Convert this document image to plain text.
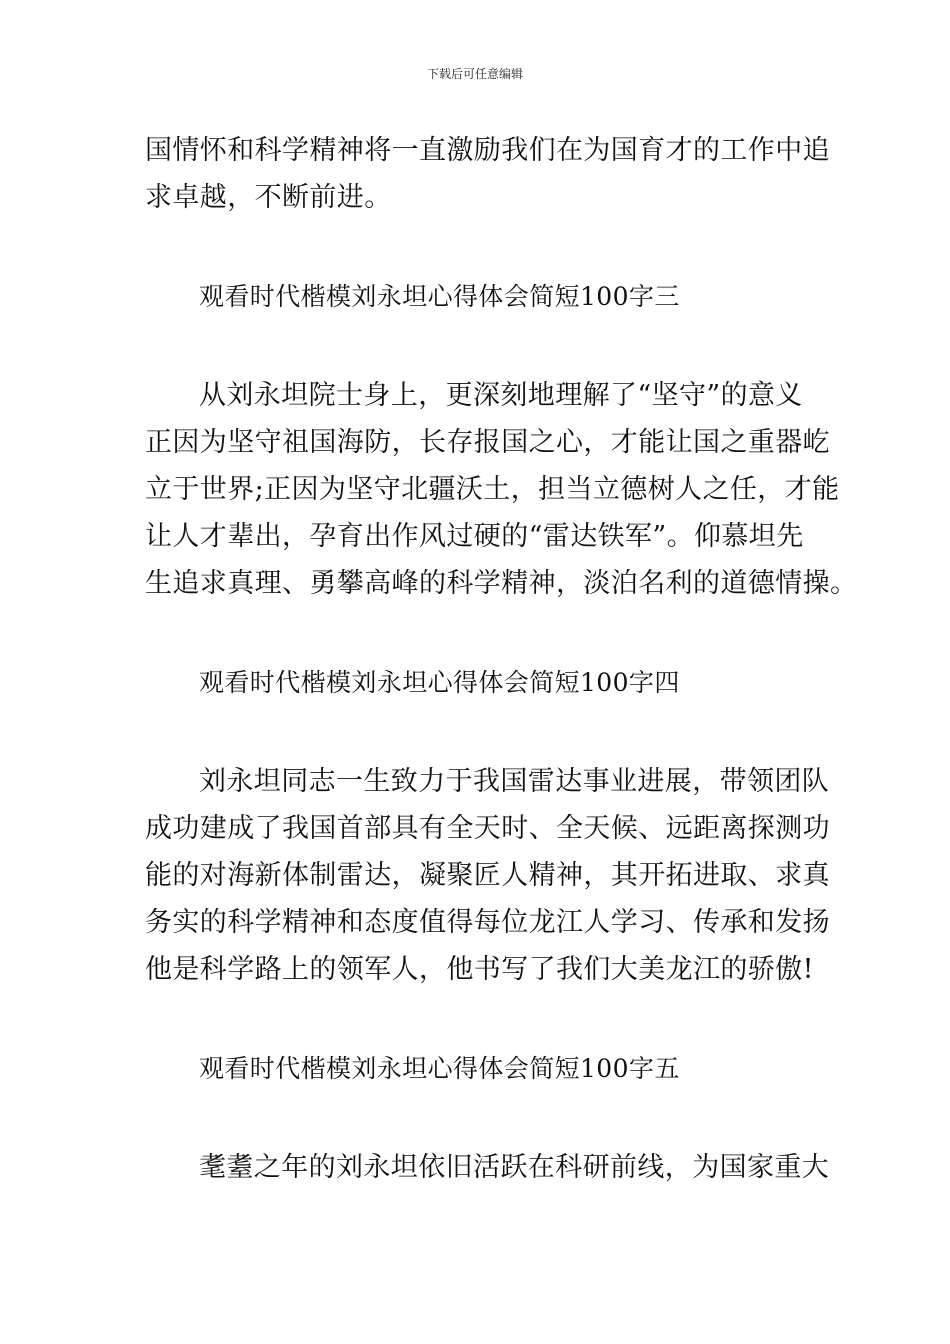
下载后可任意编辑
国情怀和科学精神将一直激励我们在为国育才的工作中追
求卓越，不断前进。
观看时代楷模刘永坦心得体会简短100字三
从刘永坦院士身上，更深刻地理解了“坚守”的意义
正因为坚守祖国海防，长存报国之心，才能让国之重器屹
立于世界;正因为坚守北疆沃土，担当立德树人之任，才能
让人才辈出，孕育出作风过硬的“雷达铁军”。仰慕坦先
生追求真理、勇攀高峰的科学精神，淡泊名利的道德情操。
观看时代楷模刘永坦心得体会简短100字四
刘永坦同志一生致力于我国雷达事业进展，带领团队
成功建成了我国首部具有全天时、全天候、远距离探测功
能的对海新体制雷达，凝聚匠人精神，其开拓进取、求真
务实的科学精神和态度值得每位龙江人学习、传承和发扬
他是科学路上的领军人，他书写了我们大美龙江的骄傲!
观看时代楷模刘永坦心得体会简短100字五
耄耋之年的刘永坦依旧活跃在科研前线，为国家重大
